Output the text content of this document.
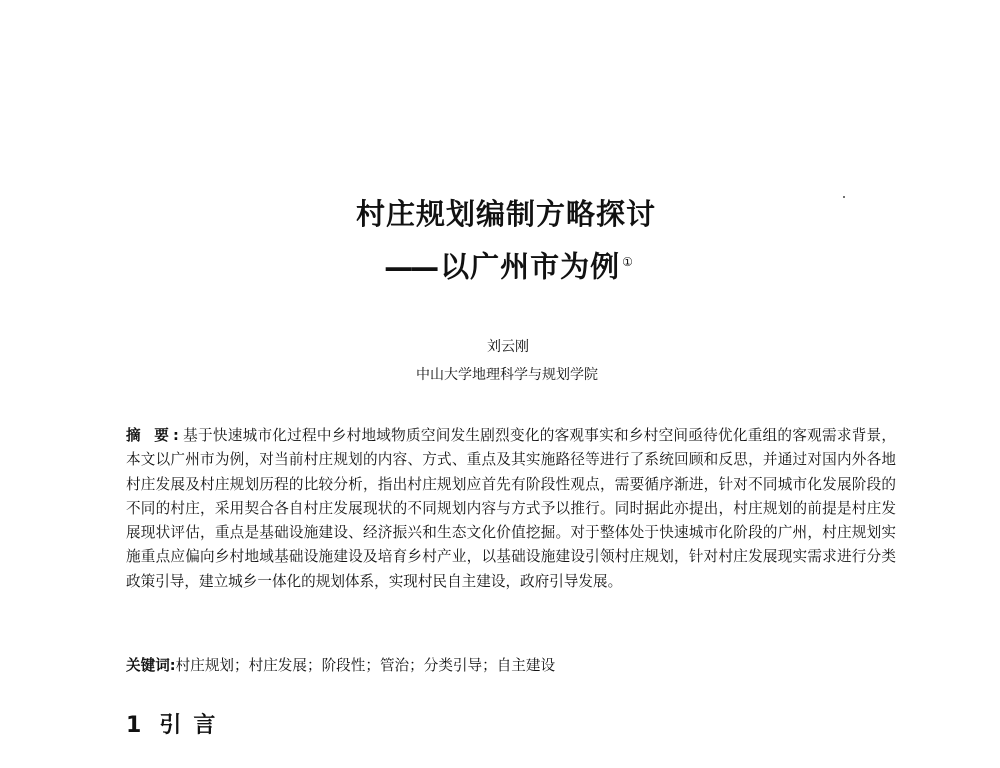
村庄规划编制方略探讨
—— 以广州市为例 ①
刘云刚
中山大学地理科学与规划学院
摘 要:基于快速城市化过程中乡村地域物质空间发生剧烈变化的客观事实和乡村空间亟待优化重组的客观需求背景，本文以广州市为例，对当前村庄规划的内容、方式、重点及其实施路径等进行了系统回顾和反思，并通过对国内外各地村庄发展及村庄规划历程的比较分析，指出村庄规划应首先有阶段性观点，需要循序渐进，针对不同城市化发展阶段的不同的村庄，采用契合各自村庄发展现状的不同规划内容与方式予以推行。同时据此亦提出，村庄规划的前提是村庄发展现状评估，重点是基础设施建设、经济振兴和生态文化价值挖掘。对于整体处于快速城市化阶段的广州，村庄规划实施重点应偏向乡村地域基础设施建设及培育乡村产业，以基础设施建设引领村庄规划，针对村庄发展现实需求进行分类政策引导，建立城乡一体化的规划体系，实现村民自主建设，政府引导发展。
关键词:村庄规划；村庄发展；阶段性；管治；分类引导；自主建设
1 引言
